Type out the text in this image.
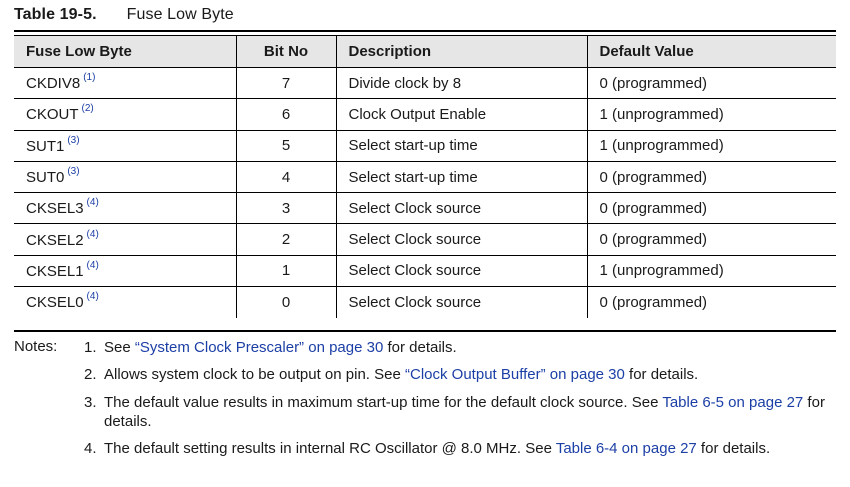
Table 19-5. Fuse Low Byte
Fuse Low Byte	Bit No	Description	Default Value
CKDIV8 $^{(1)}$	7	Divide clock by 8	0 (programmed)
CKOUT $^{(2)}$	6	Clock Output Enable	1 (unprogrammed)
SUT1 $^{(3)}$	5	Select start-up time	1 (unprogrammed)
SUT0 $^{(3)}$	4	Select start-up time	0 (programmed)
CKSEL3 $^{(4)}$	3	Select Clock source	0 (programmed)
CKSEL2 $^{(4)}$	2	Select Clock source	0 (programmed)
CKSEL1 $^{(4)}$	1	Select Clock source	1 (unprogrammed)
CKSEL0 $^{(4)}$	0	Select Clock source	0 (programmed)
Notes: 1. See “System Clock Prescaler” on page 30 for details.
2. Allows system clock to be output on pin. See “Clock Output Buffer” on page 30 for details.
3. The default value results in maximum start-up time for the default clock source. See Table 6-5 on page 27 for details.
4. The default setting results in internal RC Oscillator @ 8.0 MHz. See Table 6-4 on page 27 for details.
